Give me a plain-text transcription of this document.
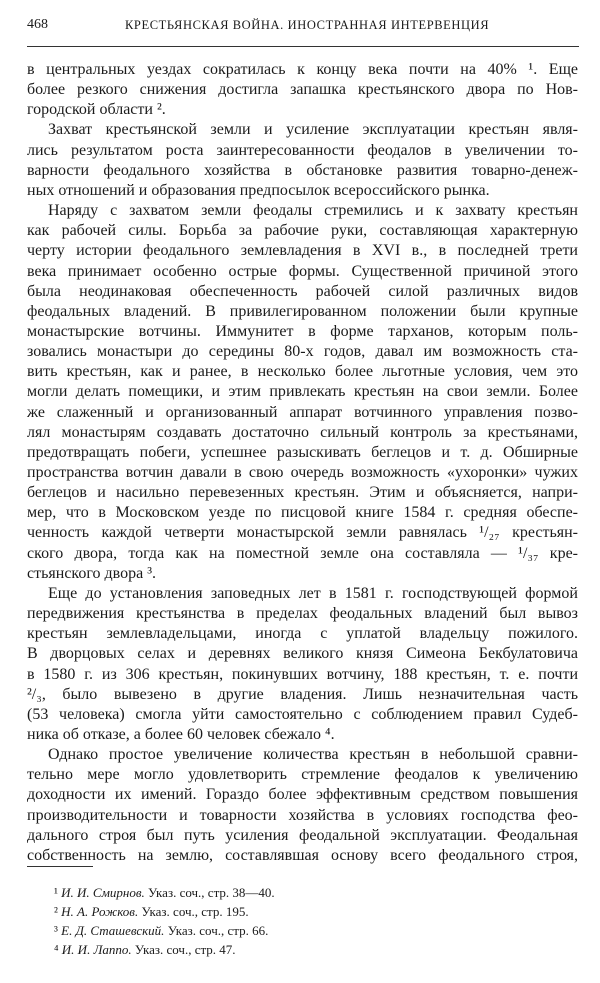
468	КРЕСТЬЯНСКАЯ ВОЙНА. ИНОСТРАННАЯ ИНТЕРВЕНЦИЯ
в центральных уездах сократилась к концу века почти на 40% ¹. Еще
более резкого снижения достигла запашка крестьянского двора по Нов-
городской области ².
Захват крестьянской земли и усиление эксплуатации крестьян явля-
лись результатом роста заинтересованности феодалов в увеличении то-
варности феодального хозяйства в обстановке развития товарно-денеж-
ных отношений и образования предпосылок всероссийского рынка.
Наряду с захватом земли феодалы стремились и к захвату крестьян
как рабочей силы. Борьба за рабочие руки, составляющая характерную
черту истории феодального землевладения в XVI в., в последней трети
века принимает особенно острые формы. Существенной причиной этого
была неодинаковая обеспеченность рабочей силой различных видов
феодальных владений. В привилегированном положении были крупные
монастырские вотчины. Иммунитет в форме тарханов, которым поль-
зовались монастыри до середины 80-х годов, давал им возможность ста-
вить крестьян, как и ранее, в несколько более льготные условия, чем это
могли делать помещики, и этим привлекать крестьян на свои земли. Более
же слаженный и организованный аппарат вотчинного управления позво-
лял монастырям создавать достаточно сильный контроль за крестьянами,
предотвращать побеги, успешнее разыскивать беглецов и т. д. Обширные
пространства вотчин давали в свою очередь возможность «ухоронки» чужих
беглецов и насильно перевезенных крестьян. Этим и объясняется, напри-
мер, что в Московском уезде по писцовой книге 1584 г. средняя обеспе-
ченность каждой четверти монастырской земли равнялась ¹/₂₇ крестьян-
ского двора, тогда как на поместной земле она составляла — ¹/₃₇ кре-
стьянского двора ³.
Еще до установления заповедных лет в 1581 г. господствующей формой
передвижения крестьянства в пределах феодальных владений был вывоз
крестьян землевладельцами, иногда с уплатой владельцу пожилого.
В дворцовых селах и деревнях великого князя Симеона Бекбулатовича
в 1580 г. из 306 крестьян, покинувших вотчину, 188 крестьян, т. е. почти
²/₃, было вывезено в другие владения. Лишь незначительная часть
(53 человека) смогла уйти самостоятельно с соблюдением правил Судеб-
ника об отказе, а более 60 человек сбежало ⁴.
Однако простое увеличение количества крестьян в небольшой сравни-
тельно мере могло удовлетворить стремление феодалов к увеличению
доходности их имений. Гораздо более эффективным средством повышения
производительности и товарности хозяйства в условиях господства фео-
дального строя был путь усиления феодальной эксплуатации. Феодальная
собственность на землю, составлявшая основу всего феодального строя,
¹ И. И. Смирнов. Указ. соч., стр. 38—40.
² Н. А. Рожков. Указ. соч., стр. 195.
³ Е. Д. Сташевский. Указ. соч., стр. 66.
⁴ И. И. Лаппо. Указ. соч., стр. 47.
